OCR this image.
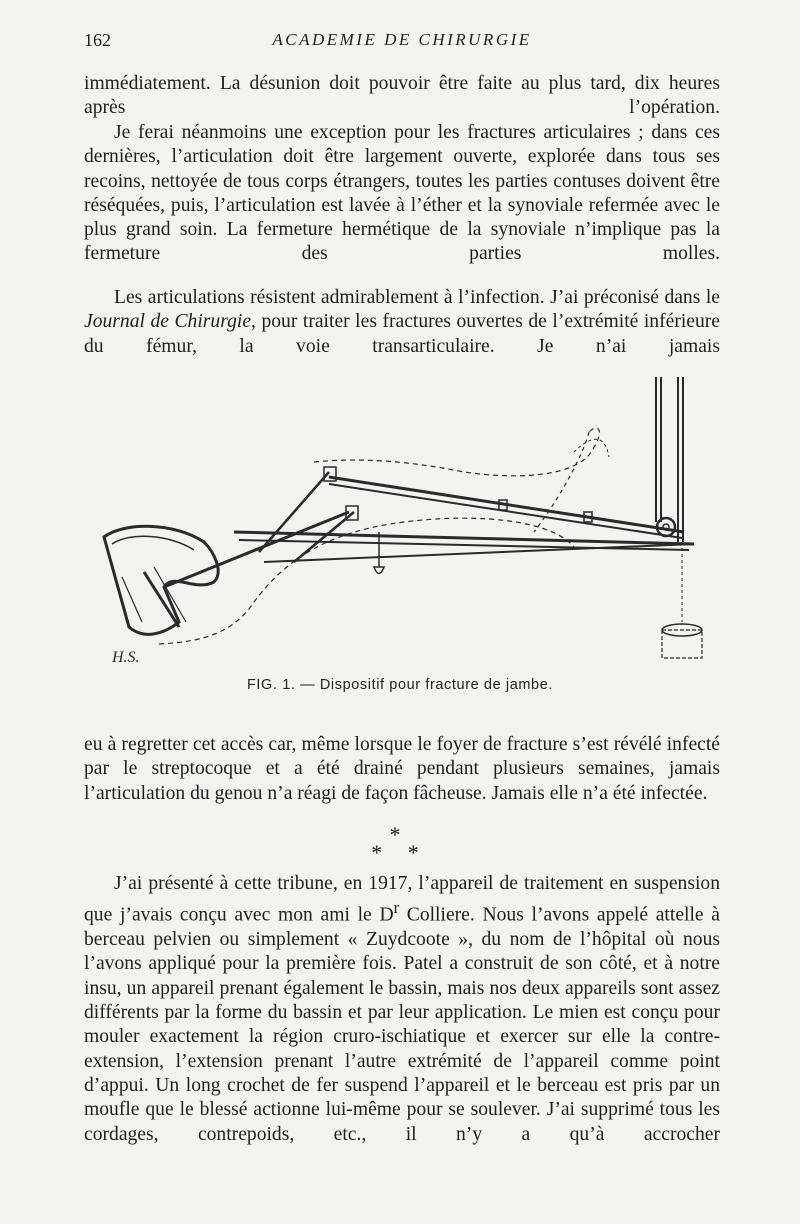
162	ACADEMIE DE CHIRURGIE

immédiatement. La désunion doit pouvoir être faite au plus tard, dix heures après l’opération.

Je ferai néanmoins une exception pour les fractures articulaires ; dans ces dernières, l’articulation doit être largement ouverte, explorée dans tous ses recoins, nettoyée de tous corps étrangers, toutes les parties contuses doivent être réséquées, puis, l’articulation est lavée à l’éther et la synoviale refermée avec le plus grand soin. La fermeture hermétique de la synoviale n’implique pas la fermeture des parties molles.

Les articulations résistent admirablement à l’infection. J’ai préconisé dans le Journal de Chirurgie, pour traiter les fractures ouvertes de l’extrémité inférieure du fémur, la voie transarticulaire. Je n’ai jamais

H.S.
FIG. 1. — Dispositif pour fracture de jambe.

eu à regretter cet accès car, même lorsque le foyer de fracture s’est révélé infecté par le streptocoque et a été drainé pendant plusieurs semaines, jamais l’articulation du genou n’a réagi de façon fâcheuse. Jamais elle n’a été infectée.

*
* *

J’ai présenté à cette tribune, en 1917, l’appareil de traitement en suspension que j’avais conçu avec mon ami le $D^r$ Colliere. Nous l’avons appelé attelle à berceau pelvien ou simplement « Zuydcoote », du nom de l’hôpital où nous l’avons appliqué pour la première fois. Patel a construit de son côté, et à notre insu, un appareil prenant également le bassin, mais nos deux appareils sont assez différents par la forme du bassin et par leur application. Le mien est conçu pour mouler exactement la région cruro-ischiatique et exercer sur elle la contre-extension, l’extension prenant l’autre extrémité de l’appareil comme point d’appui. Un long crochet de fer suspend l’appareil et le berceau est pris par un moufle que le blessé actionne lui-même pour se soulever. J’ai supprimé tous les cordages, contrepoids, etc., il n’y a qu’à accrocher
